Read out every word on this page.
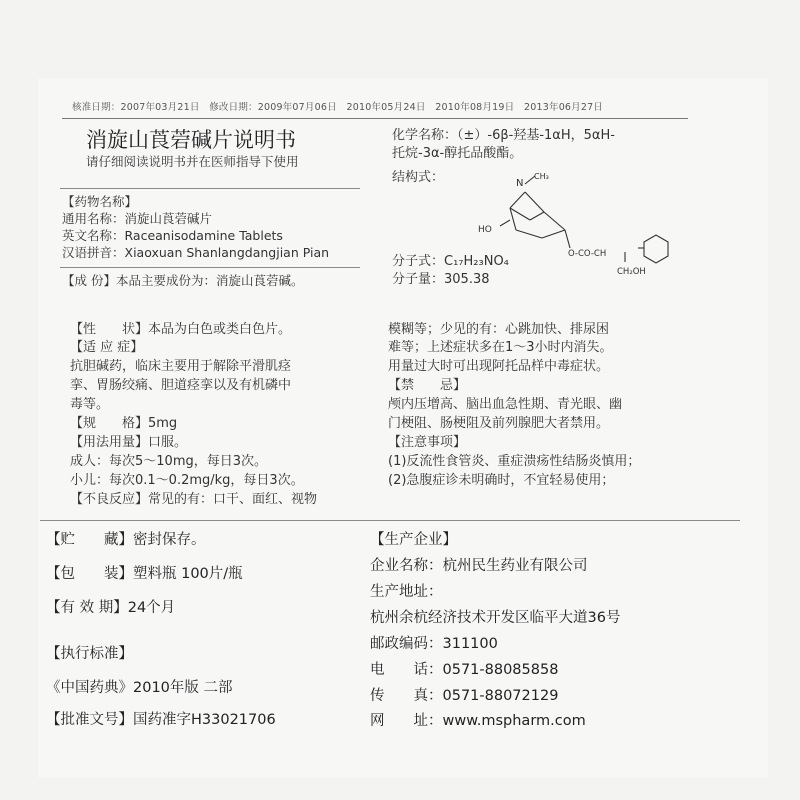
核准日期：2007年03月21日　修改日期：2009年07月06日　2010年05月24日　2010年08月19日　2013年06月27日
消旋山莨菪碱片说明书
请仔细阅读说明书并在医师指导下使用
【药物名称】
通用名称：消旋山莨菪碱片
英文名称：Raceanisodamine Tablets
汉语拼音：Xiaoxuan Shanlangdangjian Pian
【成 份】本品主要成份为：消旋山莨菪碱。
化学名称：（±）-6β-羟基-1αH，5αH-
托烷-3α-醇托品酸酯。
结构式：	N
CH₃
HO
O-CO-CH
CH₂OH
分子式：C₁₇H₂₃NO₄
分子量：305.38
【性　　状】本品为白色或类白色片。
【适 应 症】
抗胆碱药，临床主要用于解除平滑肌痉
挛、胃肠绞痛、胆道痉挛以及有机磷中
毒等。
【规　　格】5mg
【用法用量】口服。
成人：每次5～10mg，每日3次。
小儿：每次0.1～0.2mg/kg，每日3次。
【不良反应】常见的有：口干、面红、视物
模糊等；少见的有：心跳加快、排尿困
难等；上述症状多在1～3小时内消失。
用量过大时可出现阿托品样中毒症状。
【禁　　忌】
颅内压增高、脑出血急性期、青光眼、幽
门梗阻、肠梗阻及前列腺肥大者禁用。
【注意事项】
(1)反流性食管炎、重症溃疡性结肠炎慎用；
(2)急腹症诊未明确时，不宜轻易使用；
【贮　　藏】密封保存。
【包　　装】塑料瓶 100片/瓶
【有 效 期】24个月
【执行标准】
《中国药典》2010年版 二部
【批准文号】国药准字H33021706
【生产企业】
企业名称：杭州民生药业有限公司
生产地址：
杭州余杭经济技术开发区临平大道36号
邮政编码：311100
电　　话：0571-88085858
传　　真：0571-88072129
网　　址：www.mspharm.com
